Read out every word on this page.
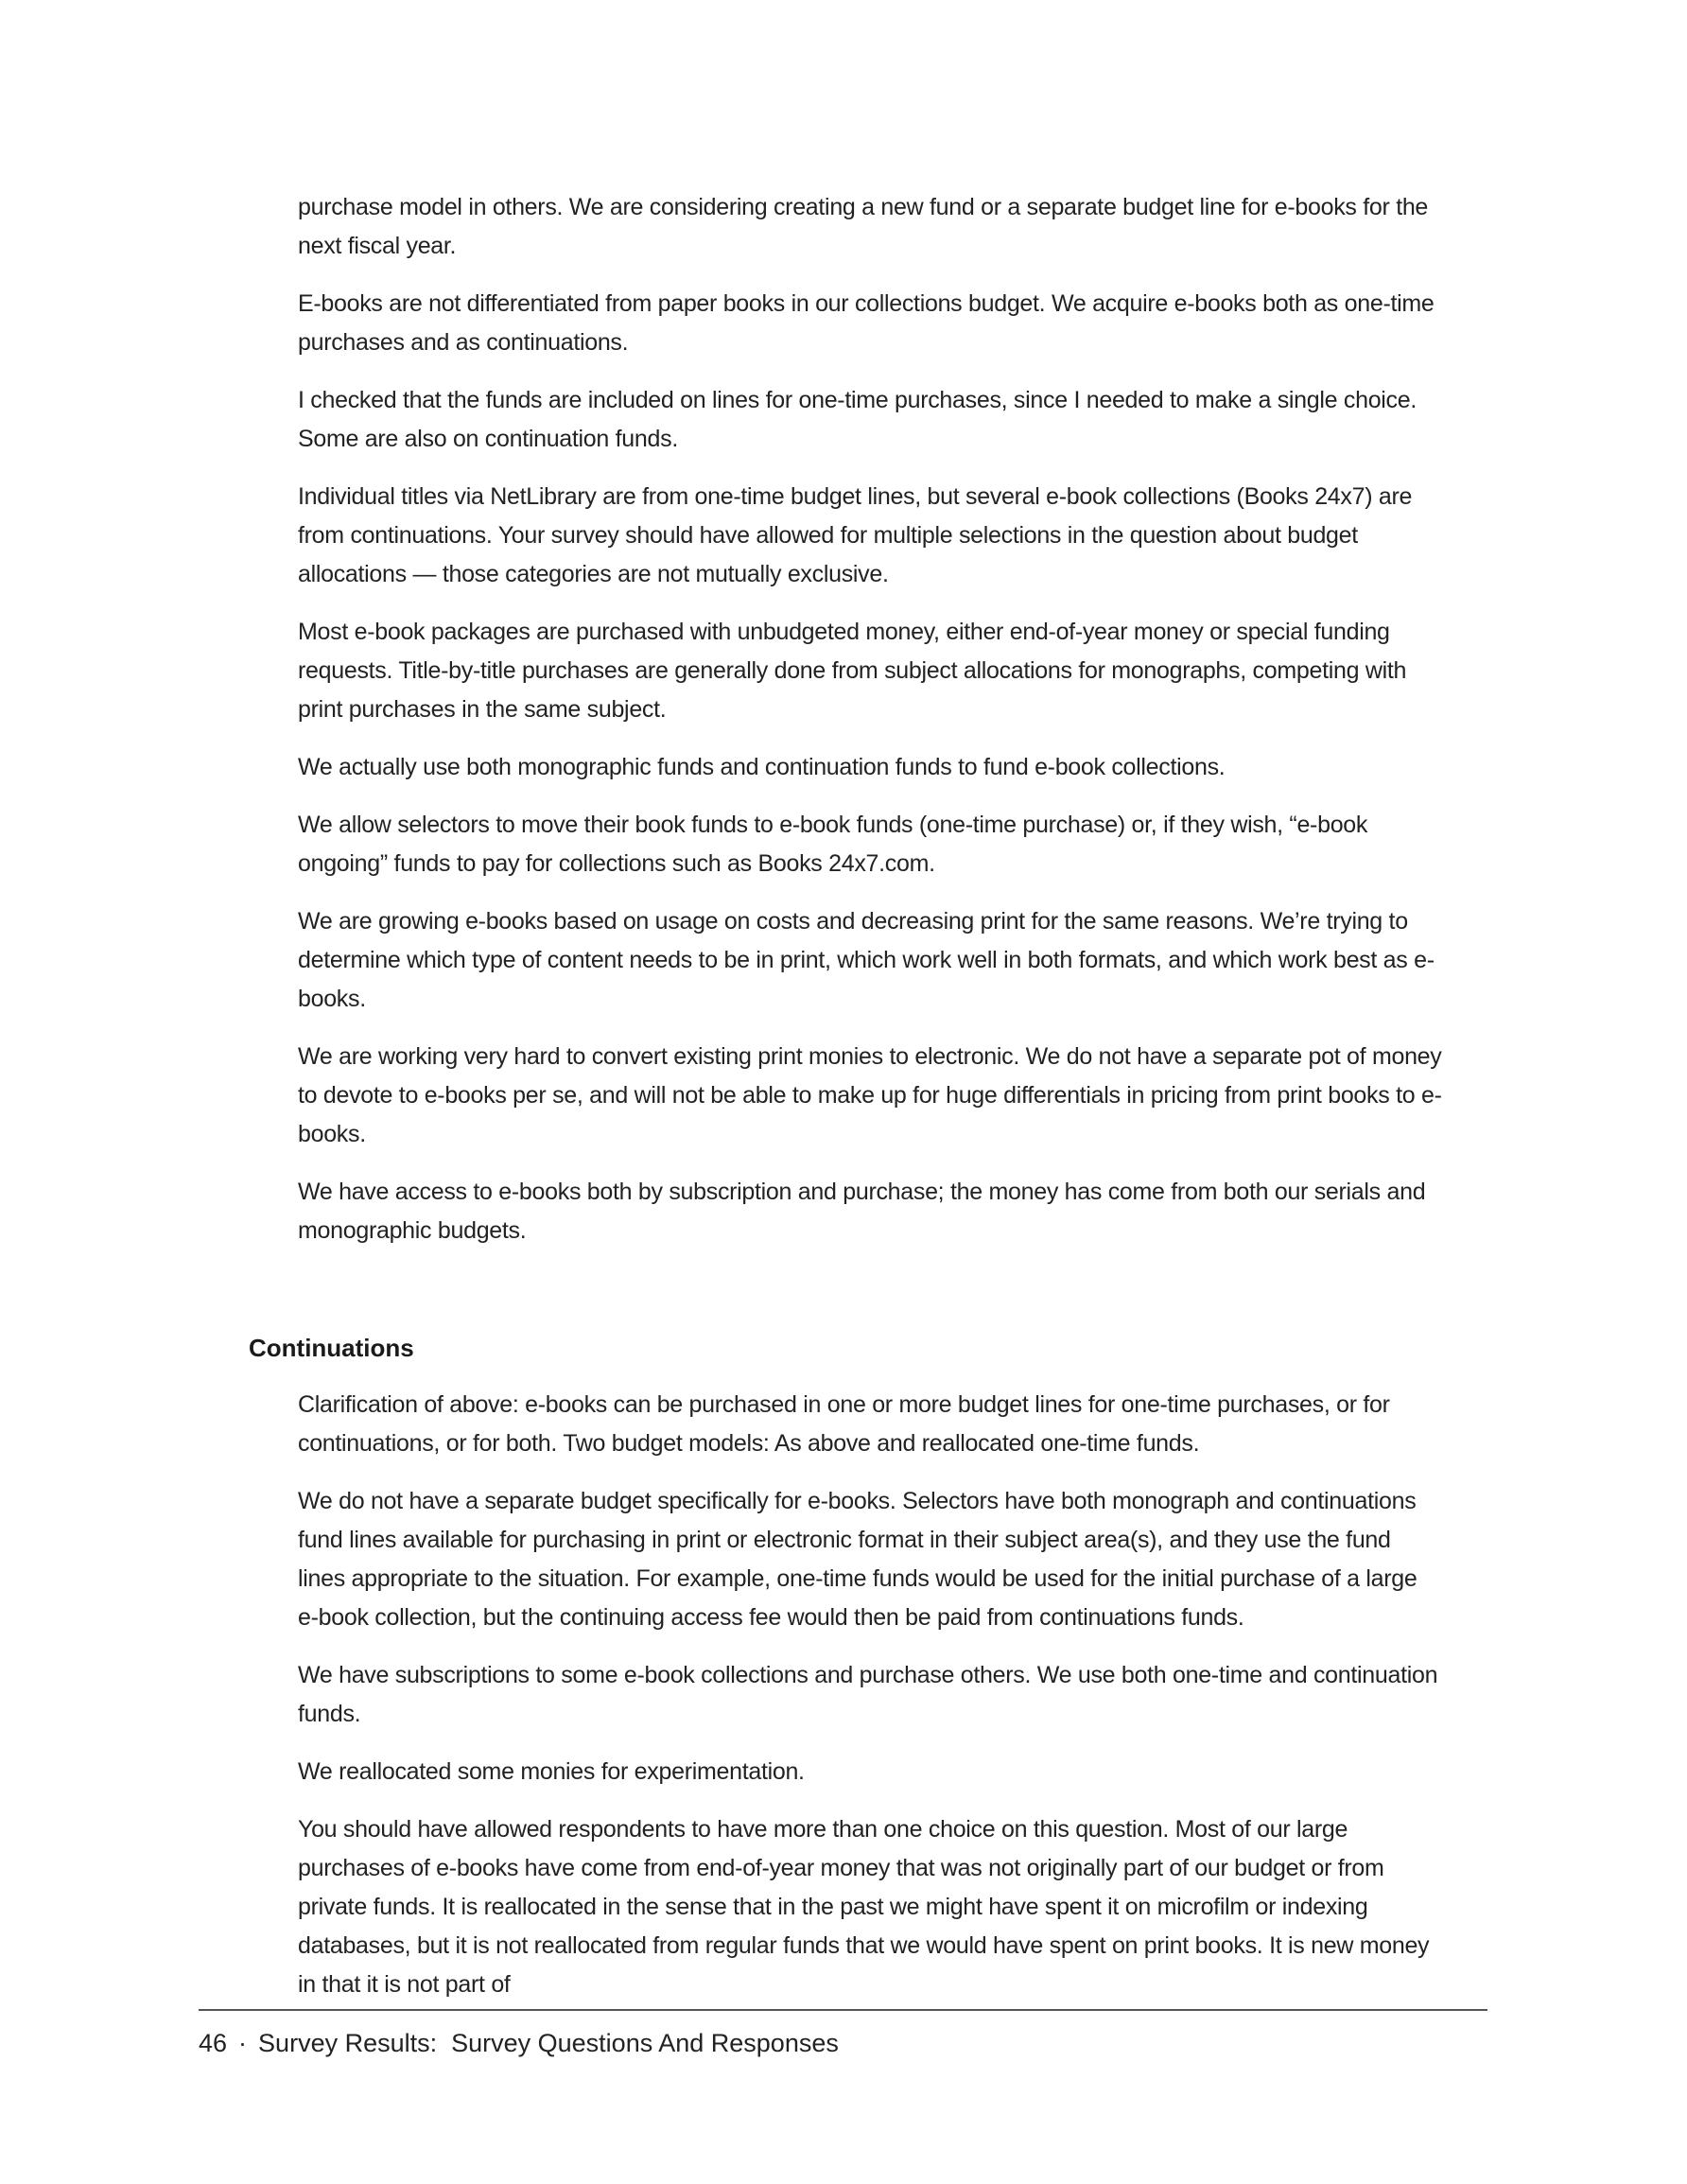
purchase model in others. We are considering creating a new fund or a separate budget line for e-books for the next fiscal year.

E-books are not differentiated from paper books in our collections budget. We acquire e-books both as one-time purchases and as continuations.

I checked that the funds are included on lines for one-time purchases, since I needed to make a single choice. Some are also on continuation funds.

Individual titles via NetLibrary are from one-time budget lines, but several e-book collections (Books 24x7) are from continuations. Your survey should have allowed for multiple selections in the question about budget allocations — those categories are not mutually exclusive.

Most e-book packages are purchased with unbudgeted money, either end-of-year money or special funding requests. Title-by-title purchases are generally done from subject allocations for monographs, competing with print purchases in the same subject.

We actually use both monographic funds and continuation funds to fund e-book collections.

We allow selectors to move their book funds to e-book funds (one-time purchase) or, if they wish, “e-book ongoing” funds to pay for collections such as Books 24x7.com.

We are growing e-books based on usage on costs and decreasing print for the same reasons. We’re trying to determine which type of content needs to be in print, which work well in both formats, and which work best as e-books.

We are working very hard to convert existing print monies to electronic. We do not have a separate pot of money to devote to e-books per se, and will not be able to make up for huge differentials in pricing from print books to e-books.

We have access to e-books both by subscription and purchase; the money has come from both our serials and monographic budgets.

Continuations

Clarification of above: e-books can be purchased in one or more budget lines for one-time purchases, or for continuations, or for both. Two budget models: As above and reallocated one-time funds.

We do not have a separate budget specifically for e-books. Selectors have both monograph and continuations fund lines available for purchasing in print or electronic format in their subject area(s), and they use the fund lines appropriate to the situation. For example, one-time funds would be used for the initial purchase of a large e-book collection, but the continuing access fee would then be paid from continuations funds.

We have subscriptions to some e-book collections and purchase others. We use both one-time and continuation funds.

We reallocated some monies for experimentation.

You should have allowed respondents to have more than one choice on this question. Most of our large purchases of e-books have come from end-of-year money that was not originally part of our budget or from private funds. It is reallocated in the sense that in the past we might have spent it on microfilm or indexing databases, but it is not reallocated from regular funds that we would have spent on print books. It is new money in that it is not part of

46 · Survey Results:  Survey Questions And Responses
